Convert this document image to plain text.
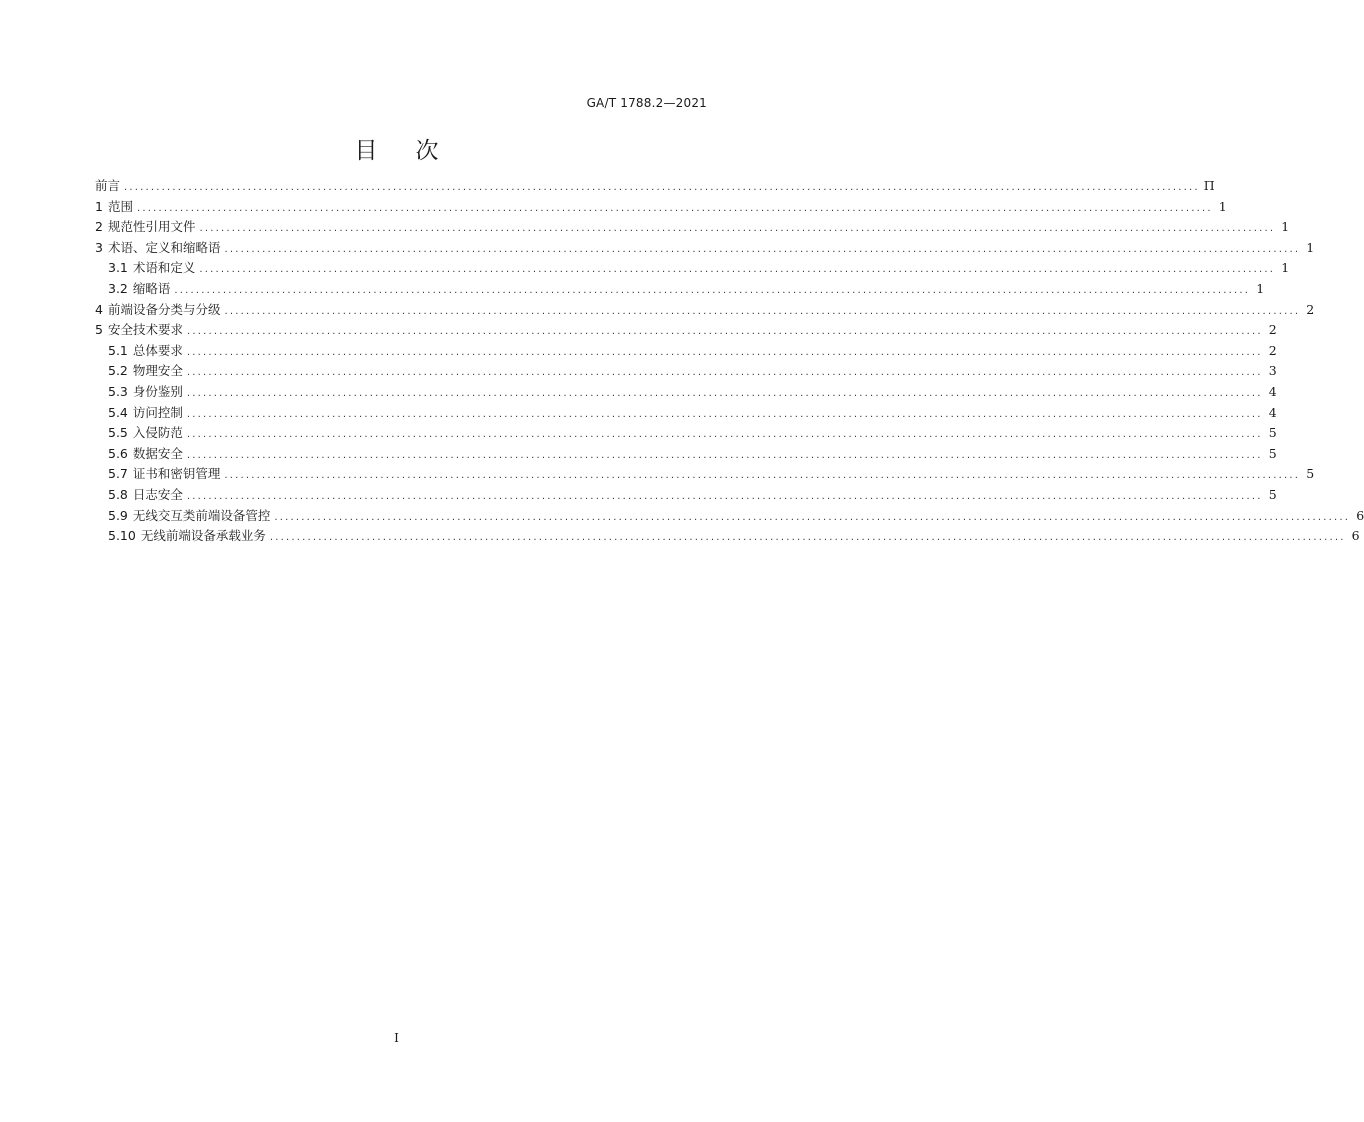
GA/T 1788.2—2021
目次
前言 ........................................................................................................................................................................................................ Π
1 范围 ........................................................................................................................................................................................................ 1
2 规范性引用文件 ........................................................................................................................................................................................................ 1
3 术语、定义和缩略语 ........................................................................................................................................................................................................ 1
3.1 术语和定义 ........................................................................................................................................................................................................ 1
3.2 缩略语 ........................................................................................................................................................................................................ 1
4 前端设备分类与分级 ........................................................................................................................................................................................................ 2
5 安全技术要求 ........................................................................................................................................................................................................ 2
5.1 总体要求 ........................................................................................................................................................................................................ 2
5.2 物理安全 ........................................................................................................................................................................................................ 3
5.3 身份鉴别 ........................................................................................................................................................................................................ 4
5.4 访问控制 ........................................................................................................................................................................................................ 4
5.5 入侵防范 ........................................................................................................................................................................................................ 5
5.6 数据安全 ........................................................................................................................................................................................................ 5
5.7 证书和密钥管理 ........................................................................................................................................................................................................ 5
5.8 日志安全 ........................................................................................................................................................................................................ 5
5.9 无线交互类前端设备管控 ........................................................................................................................................................................................................ 6
5.10 无线前端设备承载业务 ........................................................................................................................................................................................................ 6
I
